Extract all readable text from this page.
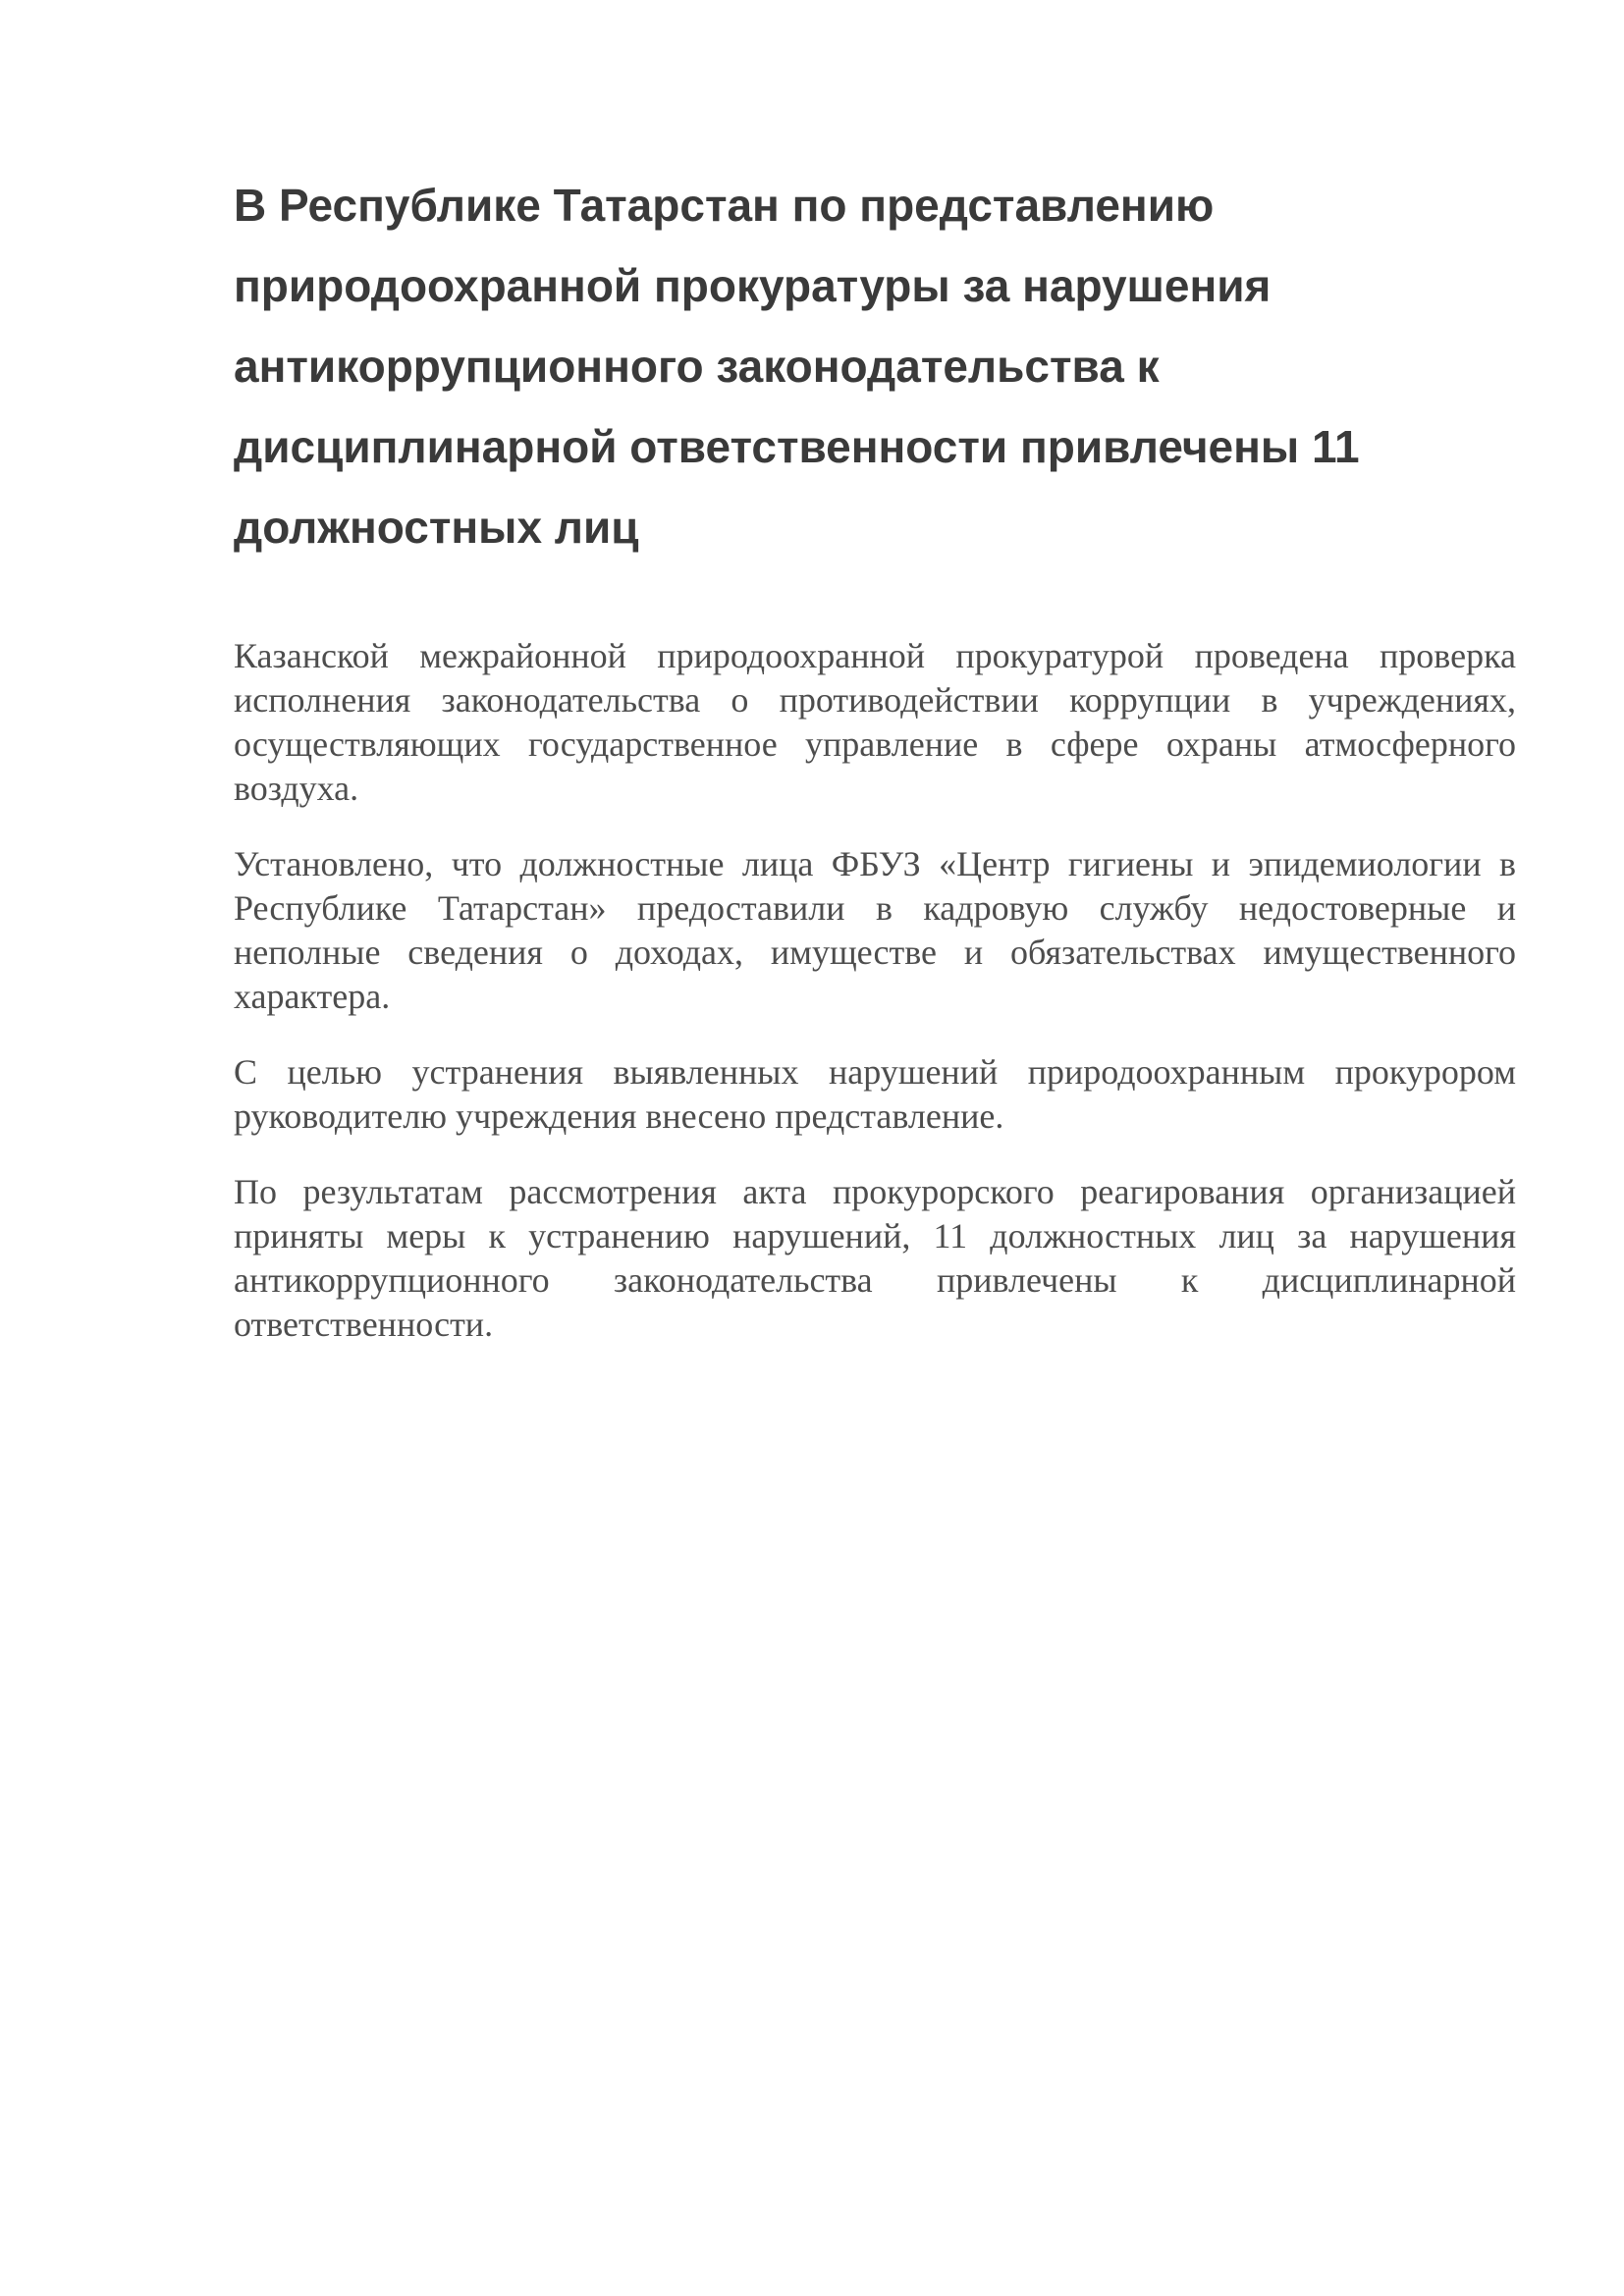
В Республике Татарстан по представлению природоохранной прокуратуры за нарушения антикоррупционного законодательства к дисциплинарной ответственности привлечены 11 должностных лиц

Казанской межрайонной природоохранной прокуратурой проведена проверка исполнения законодательства о противодействии коррупции в учреждениях, осуществляющих государственное управление в сфере охраны атмосферного воздуха.

Установлено, что должностные лица ФБУЗ «Центр гигиены и эпидемиологии в Республике Татарстан» предоставили в кадровую службу недостоверные и неполные сведения о доходах, имуществе и обязательствах имущественного характера.

С целью устранения выявленных нарушений природоохранным прокурором руководителю учреждения внесено представление.

По результатам рассмотрения акта прокурорского реагирования организацией приняты меры к устранению нарушений, 11 должностных лиц за нарушения антикоррупционного законодательства привлечены к дисциплинарной ответственности.
